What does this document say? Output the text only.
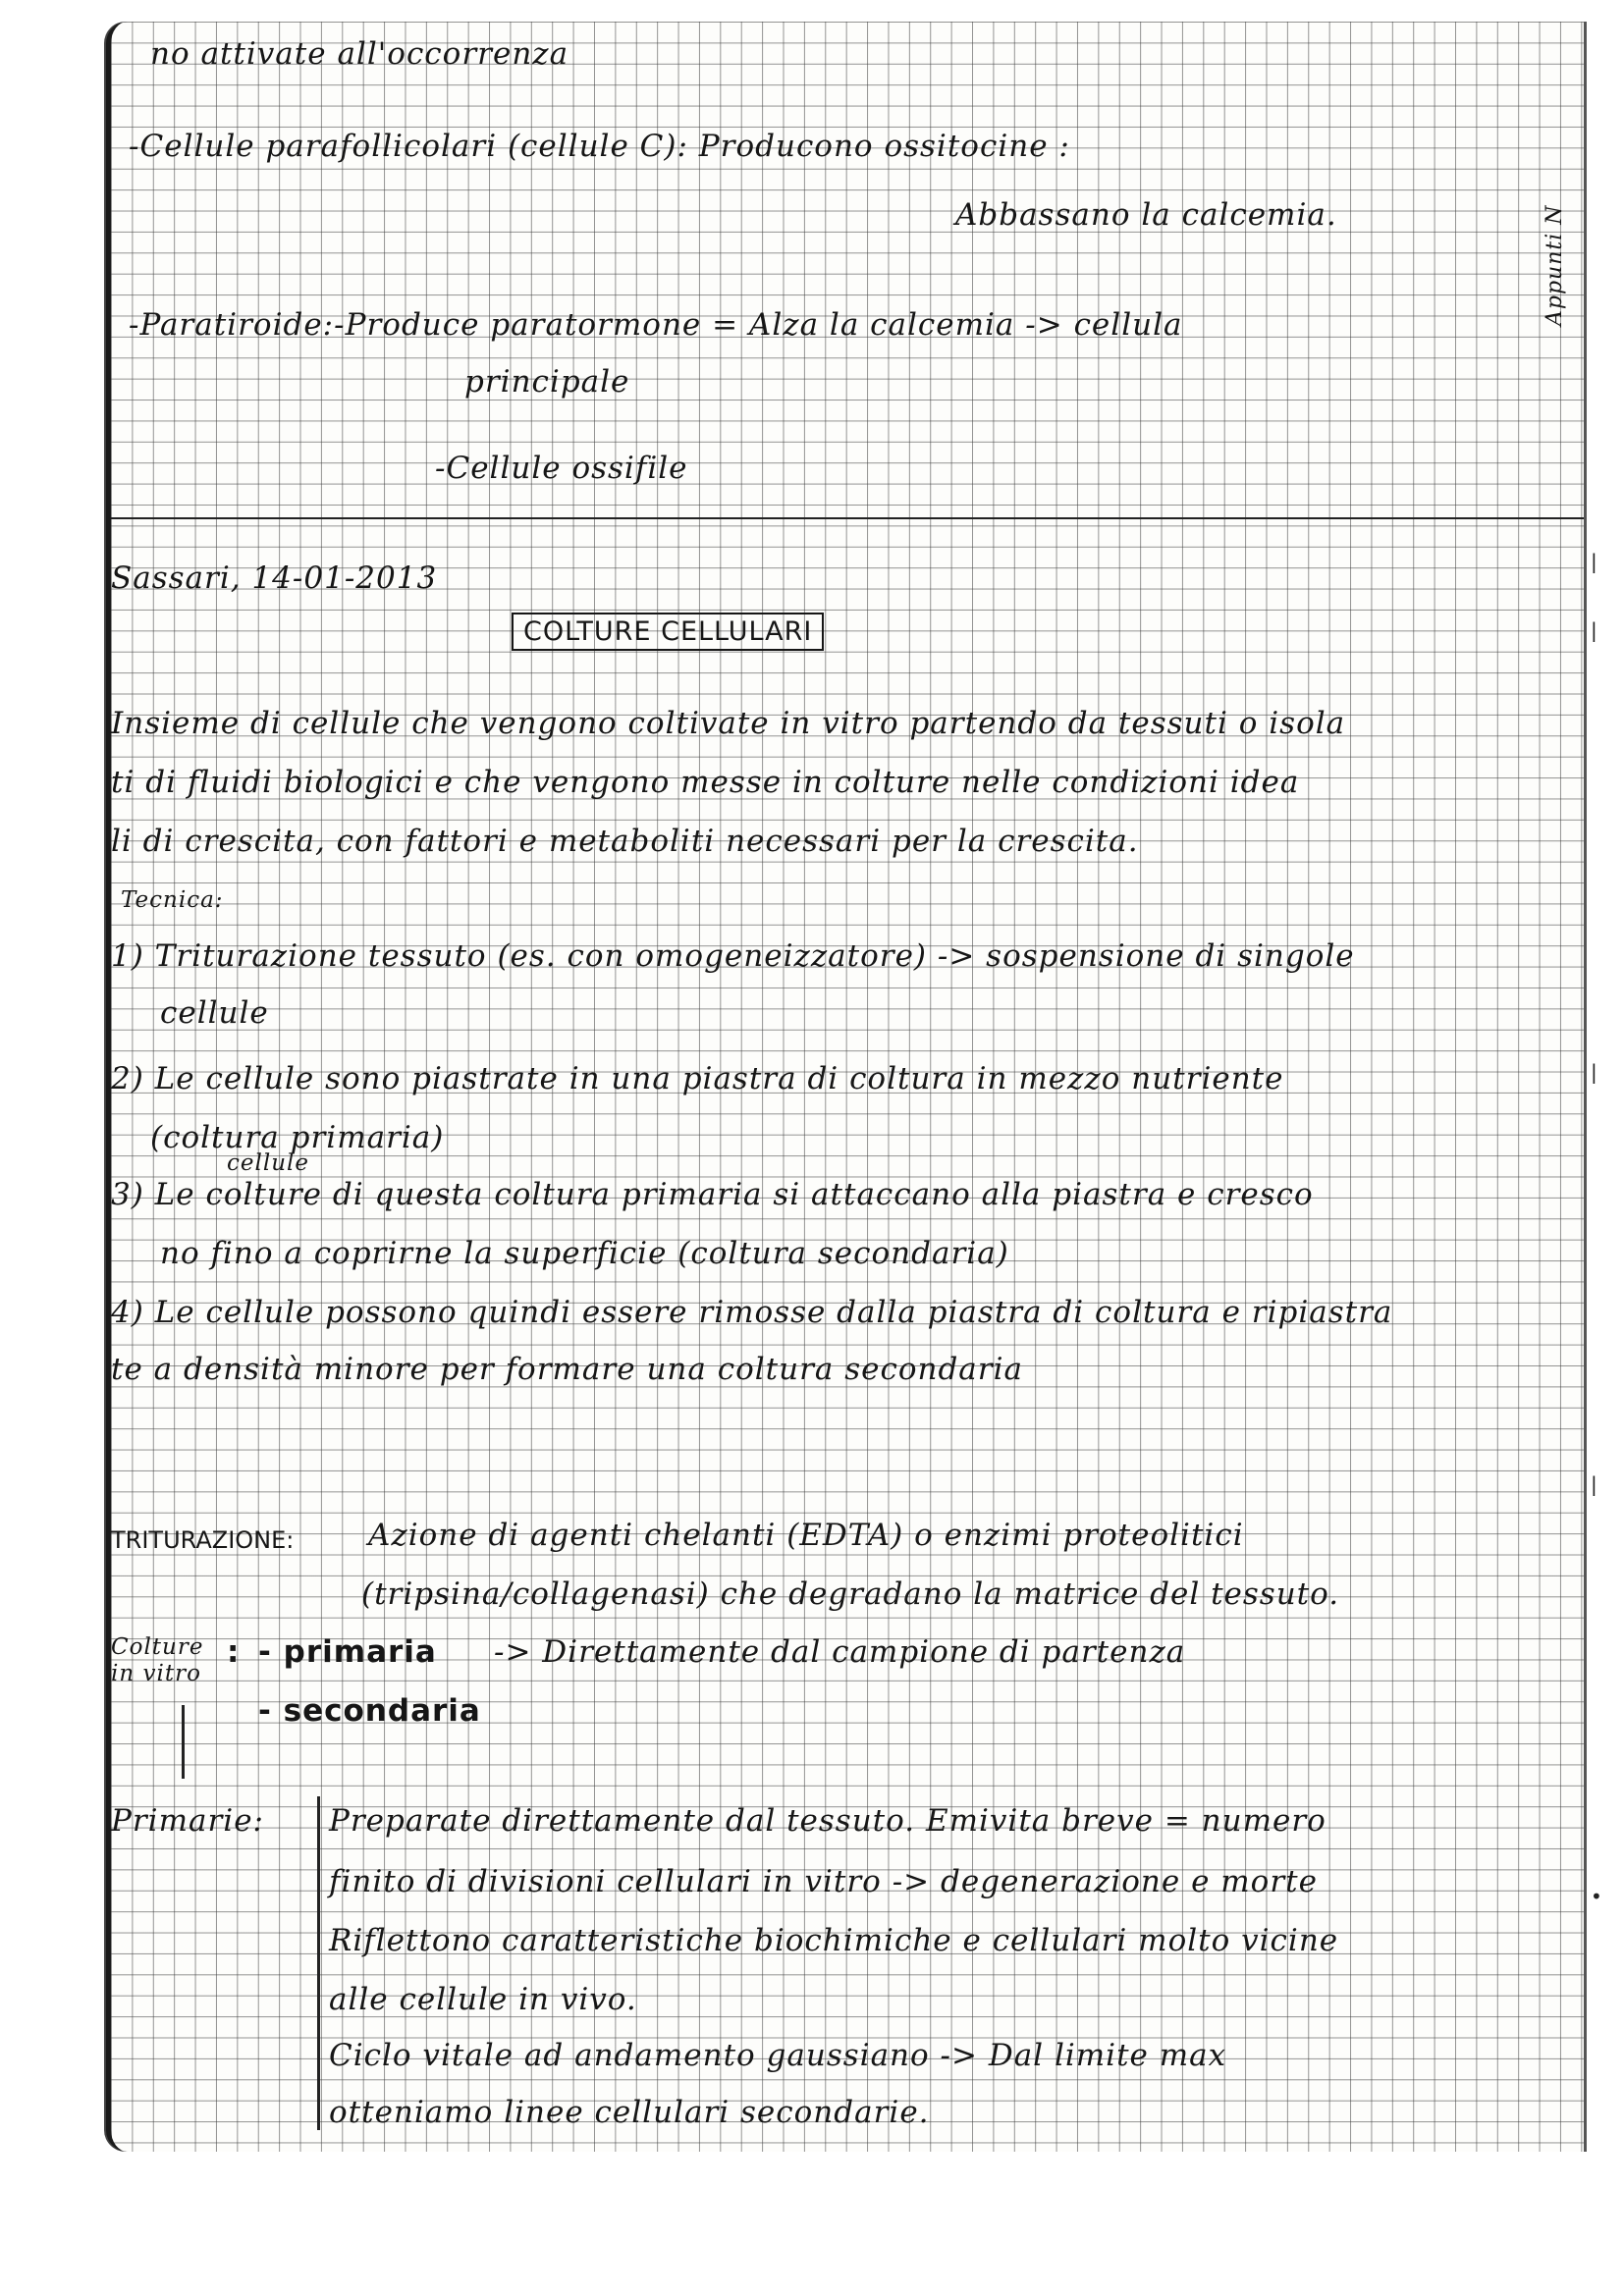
no attivate all'occorrenza
-Cellule parafollicolari (cellule C): Producono ossitocine :
Abbassano la calcemia.
-Paratiroide:-Produce paratormone = Alza la calcemia -> cellula
principale
-Cellule ossifile
Sassari, 14-01-2013
COLTURE CELLULARI
Insieme di cellule che vengono coltivate in vitro partendo da tessuti o isola
ti di fluidi biologici e che vengono messe in colture nelle condizioni idea
li di crescita, con fattori e metaboliti necessari per la crescita.
Tecnica:
1) Triturazione tessuto (es. con omogeneizzatore) -> sospensione di singole
cellule
2) Le cellule sono piastrate in una piastra di coltura in mezzo nutriente
(coltura primaria)
cellule
3) Le colture di questa coltura primaria si attaccano alla piastra e cresco
no fino a coprirne la superficie (coltura secondaria)
4) Le cellule possono quindi essere rimosse dalla piastra di coltura e ripiastra
te a densità minore per formare una coltura secondaria
TRITURAZIONE: Azione di agenti chelanti (EDTA) o enzimi proteolitici
(tripsina/collagenasi) che degradano la matrice del tessuto.
Colture
in vitro
: - primaria -> Direttamente dal campione di partenza
- secondaria
Primarie: Preparate direttamente dal tessuto. Emivita breve = numero
finito di divisioni cellulari in vitro -> degenerazione e morte
Riflettono caratteristiche biochimiche e cellulari molto vicine
alle cellule in vivo.
Ciclo vitale ad andamento gaussiano -> Dal limite max
otteniamo linee cellulari secondarie.
Appunti N
|
|
|
|
•
